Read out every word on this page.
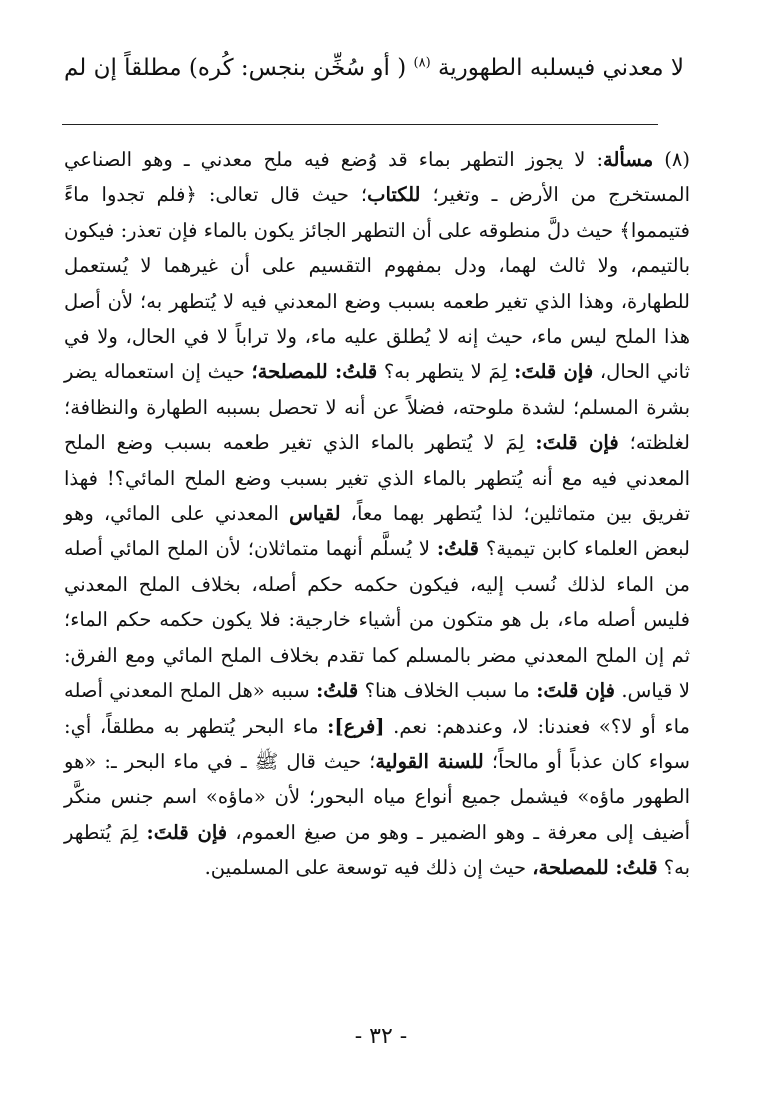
لا معدني فيسلبه الطهورية $^{(٨)}$ ( أو سُخِّن بنجس: كُره) مطلقاً إن لم
(٨) مسألة: لا يجوز التطهر بماء قد وُضع فيه ملح معدني ـ وهو الصناعي المستخرج من الأرض ـ وتغير؛ للكتاب؛ حيث قال تعالى: ﴿فلم تجدوا ماءً فتيمموا﴾ حيث دلَّ منطوقه على أن التطهر الجائز يكون بالماء فإن تعذر: فيكون بالتيمم، ولا ثالث لهما، ودل بمفهوم التقسيم على أن غيرهما لا يُستعمل للطهارة، وهذا الذي تغير طعمه بسبب وضع المعدني فيه لا يُتطهر به؛ لأن أصل هذا الملح ليس ماء، حيث إنه لا يُطلق عليه ماء، ولا تراباً لا في الحال، ولا في ثاني الحال، فإن قلتَ: لِمَ لا يتطهر به؟ قلتُ: للمصلحة؛ حيث إن استعماله يضر بشرة المسلم؛ لشدة ملوحته، فضلاً عن أنه لا تحصل بسببه الطهارة والنظافة؛ لغلظته؛ فإن قلتَ: لِمَ لا يُتطهر بالماء الذي تغير طعمه بسبب وضع الملح المعدني فيه مع أنه يُتطهر بالماء الذي تغير بسبب وضع الملح المائي؟! فهذا تفريق بين متماثلين؛ لذا يُتطهر بهما معاً، لقياس المعدني على المائي، وهو لبعض العلماء كابن تيمية؟ قلتُ: لا يُسلَّم أنهما متماثلان؛ لأن الملح المائي أصله من الماء لذلك نُسب إليه، فيكون حكمه حكم أصله، بخلاف الملح المعدني فليس أصله ماء، بل هو متكون من أشياء خارجية: فلا يكون حكمه حكم الماء؛ ثم إن الملح المعدني مضر بالمسلم كما تقدم بخلاف الملح المائي ومع الفرق: لا قياس. فإن قلتَ: ما سبب الخلاف هنا؟ قلتُ: سببه «هل الملح المعدني أصله ماء أو لا؟» فعندنا: لا، وعندهم: نعم. [فرع]: ماء البحر يُتطهر به مطلقاً، أي: سواء كان عذباً أو مالحاً؛ للسنة القولية؛ حيث قال ﷺ ـ في ماء البحر ـ: «هو الطهور ماؤه» فيشمل جميع أنواع مياه البحور؛ لأن «ماؤه» اسم جنس منكَّر أضيف إلى معرفة ـ وهو الضمير ـ وهو من صيغ العموم، فإن قلتَ: لِمَ يُتطهر به؟ قلتُ: للمصلحة، حيث إن ذلك فيه توسعة على المسلمين.
- ٣٢ -
